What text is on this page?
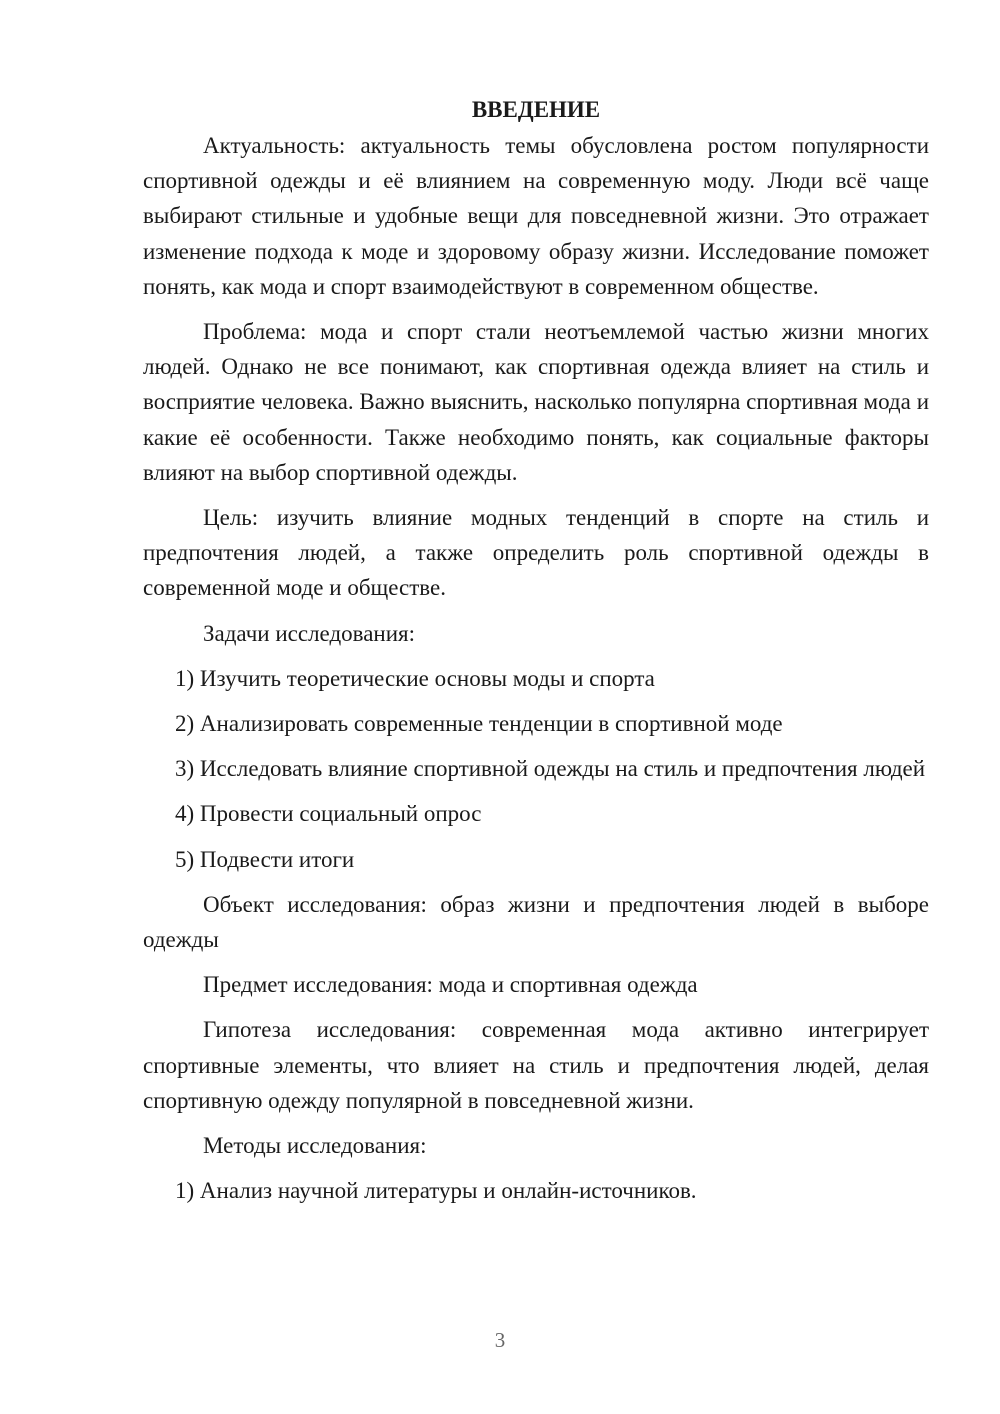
ВВЕДЕНИЕ

Актуальность: актуальность темы обусловлена ростом популярности спортивной одежды и её влиянием на современную моду. Люди всё чаще выбирают стильные и удобные вещи для повседневной жизни. Это отражает изменение подхода к моде и здоровому образу жизни. Исследование поможет понять, как мода и спорт взаимодействуют в современном обществе.

Проблема: мода и спорт стали неотъемлемой частью жизни многих людей. Однако не все понимают, как спортивная одежда влияет на стиль и восприятие человека. Важно выяснить, насколько популярна спортивная мода и какие её особенности. Также необходимо понять, как социальные факторы влияют на выбор спортивной одежды.

Цель: изучить влияние модных тенденций в спорте на стиль и предпочтения людей, а также определить роль спортивной одежды в современной моде и обществе.

Задачи исследования:

1) Изучить теоретические основы моды и спорта

2) Анализировать современные тенденции в спортивной моде

3) Исследовать влияние спортивной одежды на стиль и предпочтения людей

4) Провести социальный опрос

5) Подвести итоги

Объект исследования: образ жизни и предпочтения людей в выборе одежды

Предмет исследования: мода и спортивная одежда

Гипотеза исследования: современная мода активно интегрирует спортивные элементы, что влияет на стиль и предпочтения людей, делая спортивную одежду популярной в повседневной жизни.

Методы исследования:

1) Анализ научной литературы и онлайн-источников.

3
